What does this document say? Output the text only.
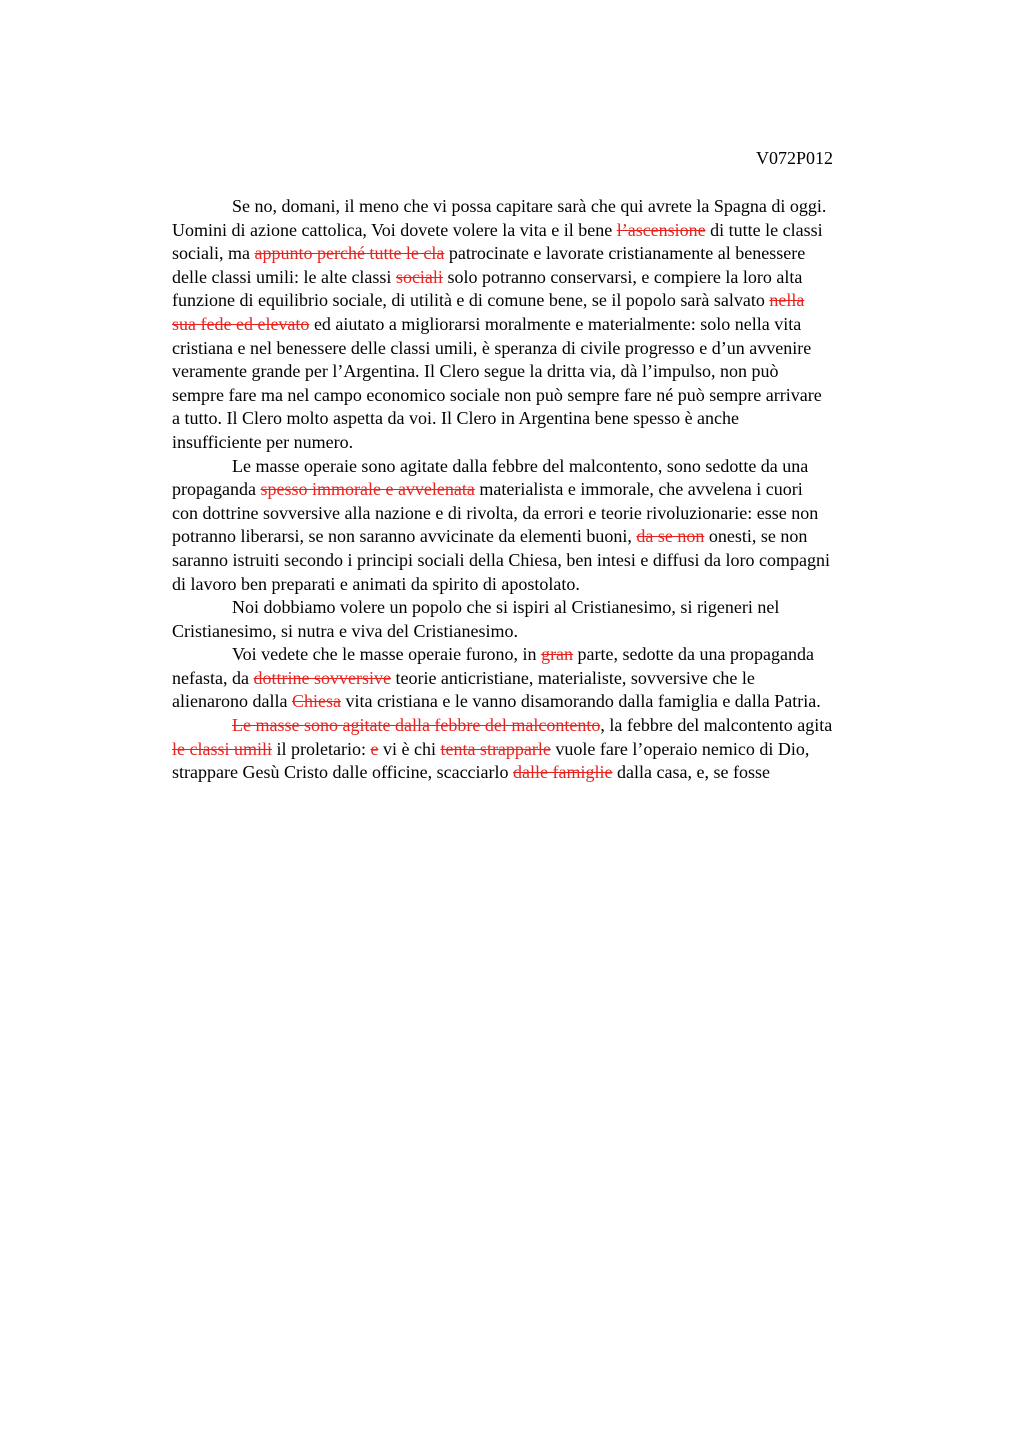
V072P012

Se no, domani, il meno che vi possa capitare sarà che qui avrete la Spagna di oggi.
Uomini di azione cattolica, Voi dovete volere la vita e il bene l’ascensione di tutte le classi
sociali, ma appunto perché tutte le cla patrocinate e lavorate cristianamente al benessere
delle classi umili: le alte classi sociali solo potranno conservarsi, e compiere la loro alta
funzione di equilibrio sociale, di utilità e di comune bene, se il popolo sarà salvato nella
sua fede ed elevato ed aiutato a migliorarsi moralmente e materialmente: solo nella vita
cristiana e nel benessere delle classi umili, è speranza di civile progresso e d’un avvenire
veramente grande per l’Argentina. Il Clero segue la dritta via, dà l’impulso, non può
sempre fare ma nel campo economico sociale non può sempre fare né può sempre arrivare
a tutto. Il Clero molto aspetta da voi. Il Clero in Argentina bene spesso è anche
insufficiente per numero.

Le masse operaie sono agitate dalla febbre del malcontento, sono sedotte da una
propaganda spesso immorale e avvelenata materialista e immorale, che avvelena i cuori
con dottrine sovversive alla nazione e di rivolta, da errori e teorie rivoluzionarie: esse non
potranno liberarsi, se non saranno avvicinate da elementi buoni, da se non onesti, se non
saranno istruiti secondo i principi sociali della Chiesa, ben intesi e diffusi da loro compagni
di lavoro ben preparati e animati da spirito di apostolato.

Noi dobbiamo volere un popolo che si ispiri al Cristianesimo, si rigeneri nel
Cristianesimo, si nutra e viva del Cristianesimo.

Voi vedete che le masse operaie furono, in gran parte, sedotte da una propaganda
nefasta, da dottrine sovversive teorie anticristiane, materialiste, sovversive che le
alienarono dalla Chiesa vita cristiana e le vanno disamorando dalla famiglia e dalla Patria.

Le masse sono agitate dalla febbre del malcontento, la febbre del malcontento agita
le classi umili il proletario: e vi è chi tenta strapparle vuole fare l’operaio nemico di Dio,
strappare Gesù Cristo dalle officine, scacciarlo dalle famiglie dalla casa, e, se fosse
